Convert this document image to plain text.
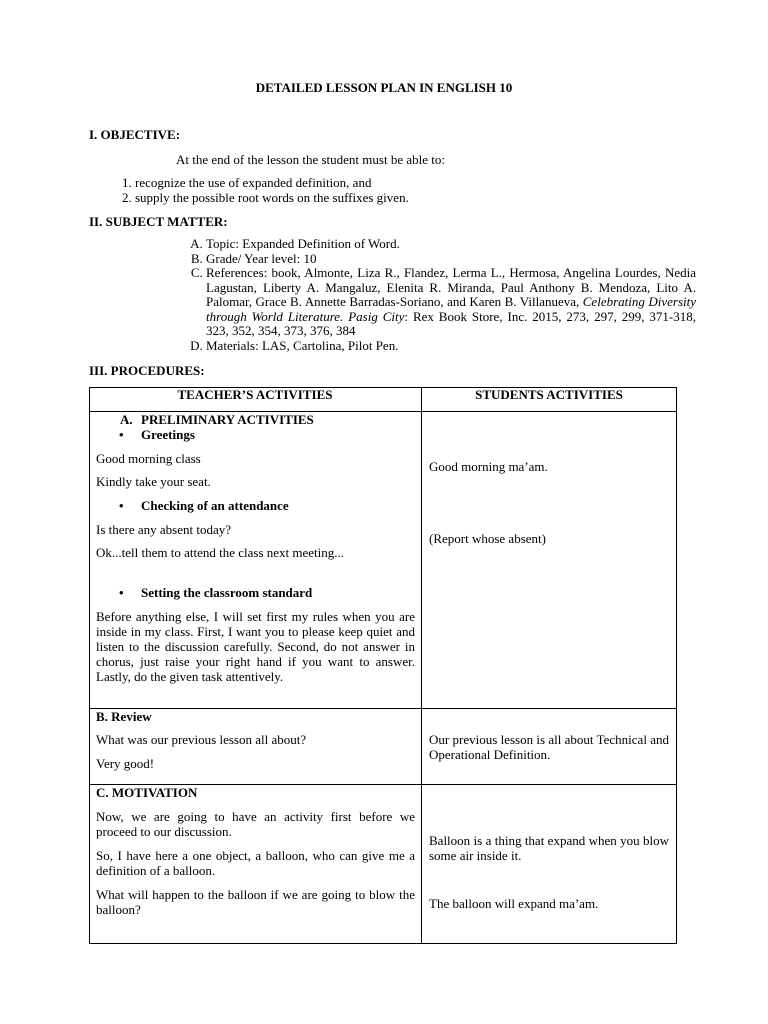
DETAILED LESSON PLAN IN ENGLISH 10
I. OBJECTIVE:
At the end of the lesson the student must be able to:
1. recognize the use of expanded definition, and
2. supply the possible root words on the suffixes given.
II. SUBJECT MATTER:
A. Topic: Expanded Definition of Word.
B. Grade/ Year level: 10
C. References: book, Almonte, Liza R., Flandez, Lerma L., Hermosa, Angelina Lourdes, Nedia Lagustan, Liberty A. Mangaluz, Elenita R. Miranda, Paul Anthony B. Mendoza, Lito A. Palomar, Grace B. Annette Barradas-Soriano, and Karen B. Villanueva, Celebrating Diversity through World Literature. Pasig City: Rex Book Store, Inc. 2015, 273, 297, 299, 371-318, 323, 352, 354, 373, 376, 384
D. Materials: LAS, Cartolina, Pilot Pen.
III. PROCEDURES:
TEACHER’S ACTIVITIES	STUDENTS ACTIVITIES
A. PRELIMINARY ACTIVITIES
• Greetings
Good morning class
Kindly take your seat.
• Checking of an attendance
Is there any absent today?
Ok...tell them to attend the class next meeting...
• Setting the classroom standard
Before anything else, I will set first my rules when you are inside in my class. First, I want you to please keep quiet and listen to the discussion carefully. Second, do not answer in chorus, just raise your right hand if you want to answer. Lastly, do the given task attentively.
Good morning ma’am.
(Report whose absent)
B. Review
What was our previous lesson all about?
Very good!
Our previous lesson is all about Technical and Operational Definition.
C. MOTIVATION
Now, we are going to have an activity first before we proceed to our discussion.
So, I have here a one object, a balloon, who can give me a definition of a balloon.
What will happen to the balloon if we are going to blow the balloon?
Balloon is a thing that expand when you blow some air inside it.
The balloon will expand ma’am.
